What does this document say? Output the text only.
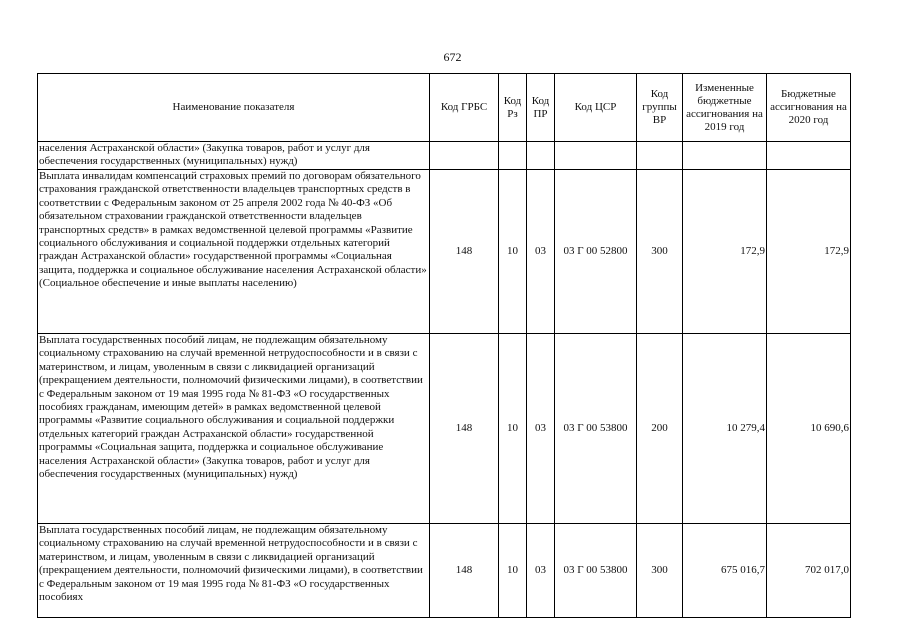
672
Наименование показателя	Код ГРБС	Код Рз	Код ПР	Код ЦСР	Код группы ВР	Измененные бюджетные ассигнования на 2019 год	Бюджетные ассигнования на 2020 год
населения Астраханской области» (Закупка товаров, работ и услуг для обеспечения государственных (муниципальных) нужд)							
Выплата инвалидам компенсаций страховых премий по договорам обязательного страхования гражданской ответственности владельцев транспортных средств в соответствии с Федеральным законом от 25 апреля 2002 года № 40-ФЗ «Об обязательном страховании гражданской ответственности владельцев транспортных средств» в рамках ведомственной целевой программы «Развитие социального обслуживания и социальной поддержки отдельных категорий граждан Астраханской области» государственной программы «Социальная защита, поддержка и социальное обслуживание населения Астраханской области» (Социальное обеспечение и иные выплаты населению)	148	10	03	03 Г 00 52800	300	172,9	172,9
Выплата государственных пособий лицам, не подлежащим обязательному социальному страхованию на случай временной нетрудоспособности и в связи с материнством, и лицам, уволенным в связи с ликвидацией организаций (прекращением деятельности, полномочий физическими лицами), в соответствии с Федеральным законом от 19 мая 1995 года № 81-ФЗ «О государственных пособиях гражданам, имеющим детей» в рамках ведомственной целевой программы «Развитие социального обслуживания и социальной поддержки отдельных категорий граждан Астраханской области» государственной программы «Социальная защита, поддержка и социальное обслуживание населения Астраханской области» (Закупка товаров, работ и услуг для обеспечения государственных (муниципальных) нужд)	148	10	03	03 Г 00 53800	200	10 279,4	10 690,6
Выплата государственных пособий лицам, не подлежащим обязательному социальному страхованию на случай временной нетрудоспособности и в связи с материнством, и лицам, уволенным в связи с ликвидацией организаций (прекращением деятельности, полномочий физическими лицами), в соответствии с Федеральным законом от 19 мая 1995 года № 81-ФЗ «О государственных пособиях	148	10	03	03 Г 00 53800	300	675 016,7	702 017,0
